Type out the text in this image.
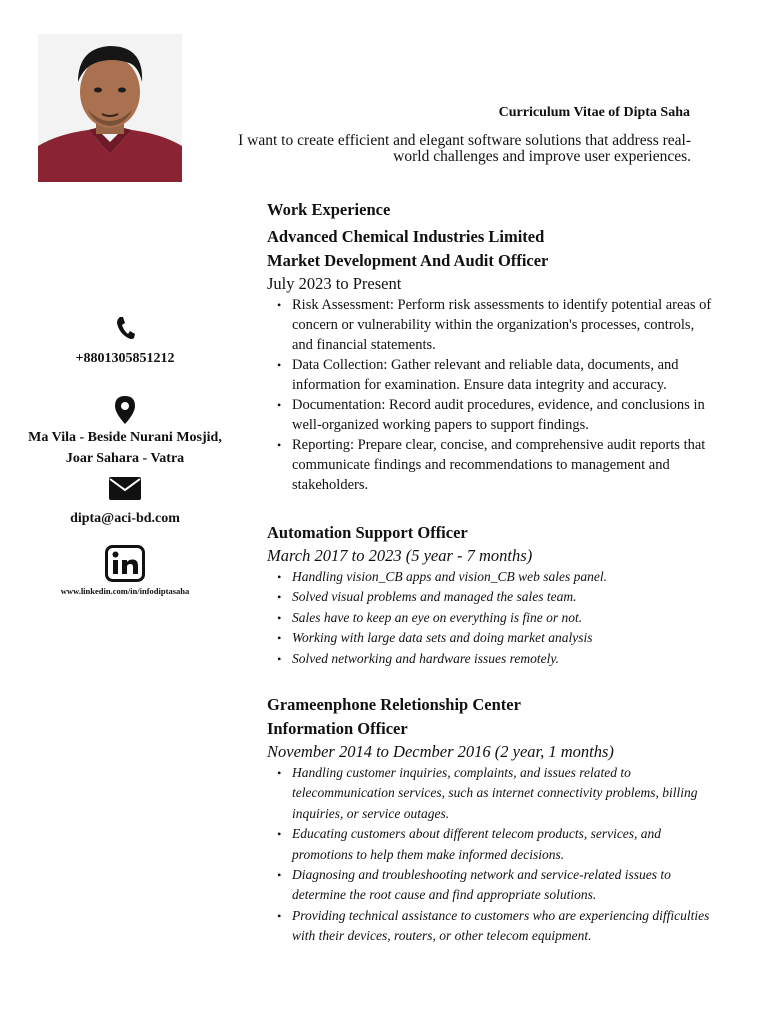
Curriculum Vitae of Dipta Saha
I want to create efficient and elegant software solutions that address real-world challenges and improve user experiences.
+8801305851212
Ma Vila - Beside Nurani Mosjid,
Joar Sahara - Vatra
dipta@aci-bd.com
www.linkedin.com/in/infodiptasaha
Work Experience
Advanced Chemical Industries Limited
Market Development And Audit Officer
July 2023 to Present
• Risk Assessment: Perform risk assessments to identify potential areas of concern or vulnerability within the organization's processes, controls, and financial statements.
• Data Collection: Gather relevant and reliable data, documents, and information for examination. Ensure data integrity and accuracy.
• Documentation: Record audit procedures, evidence, and conclusions in well-organized working papers to support findings.
• Reporting: Prepare clear, concise, and comprehensive audit reports that communicate findings and recommendations to management and stakeholders.
Automation Support Officer
March 2017 to 2023 (5 year - 7 months)
• Handling vision_CB apps and vision_CB web sales panel.
• Solved visual problems and managed the sales team.
• Sales have to keep an eye on everything is fine or not.
• Working with large data sets and doing market analysis
• Solved networking and hardware issues remotely.
Grameenphone Reletionship Center
Information Officer
November 2014 to Decmber 2016 (2 year, 1 months)
• Handling customer inquiries, complaints, and issues related to telecommunication services, such as internet connectivity problems, billing inquiries, or service outages.
• Educating customers about different telecom products, services, and promotions to help them make informed decisions.
• Diagnosing and troubleshooting network and service-related issues to determine the root cause and find appropriate solutions.
• Providing technical assistance to customers who are experiencing difficulties with their devices, routers, or other telecom equipment.
